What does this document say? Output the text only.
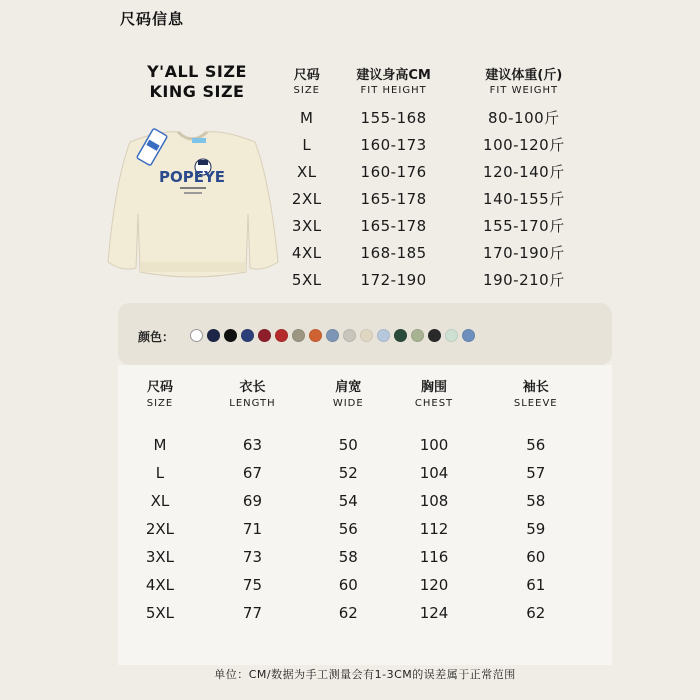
尺码信息
Y'ALL SIZE
KING SIZE
尺码	建议身高CM	建议体重(斤)
SIZE	FIT HEIGHT	FIT WEIGHT

M	155-168	80-100斤
L	160-173	100-120斤
XL	160-176	120-140斤
2XL	165-178	140-155斤
3XL	165-178	155-170斤
4XL	168-185	170-190斤
5XL	172-190	190-210斤
POPEYE
颜色：
尺码	衣长	肩宽	胸围	袖长
SIZE	LENGTH	WIDE	CHEST	SLEEVE

M	63	50	100	56
L	67	52	104	57
XL	69	54	108	58
2XL	71	56	112	59
3XL	73	58	116	60
4XL	75	60	120	61
5XL	77	62	124	62
单位：CM/数据为手工测量会有1-3CM的误差属于正常范围
